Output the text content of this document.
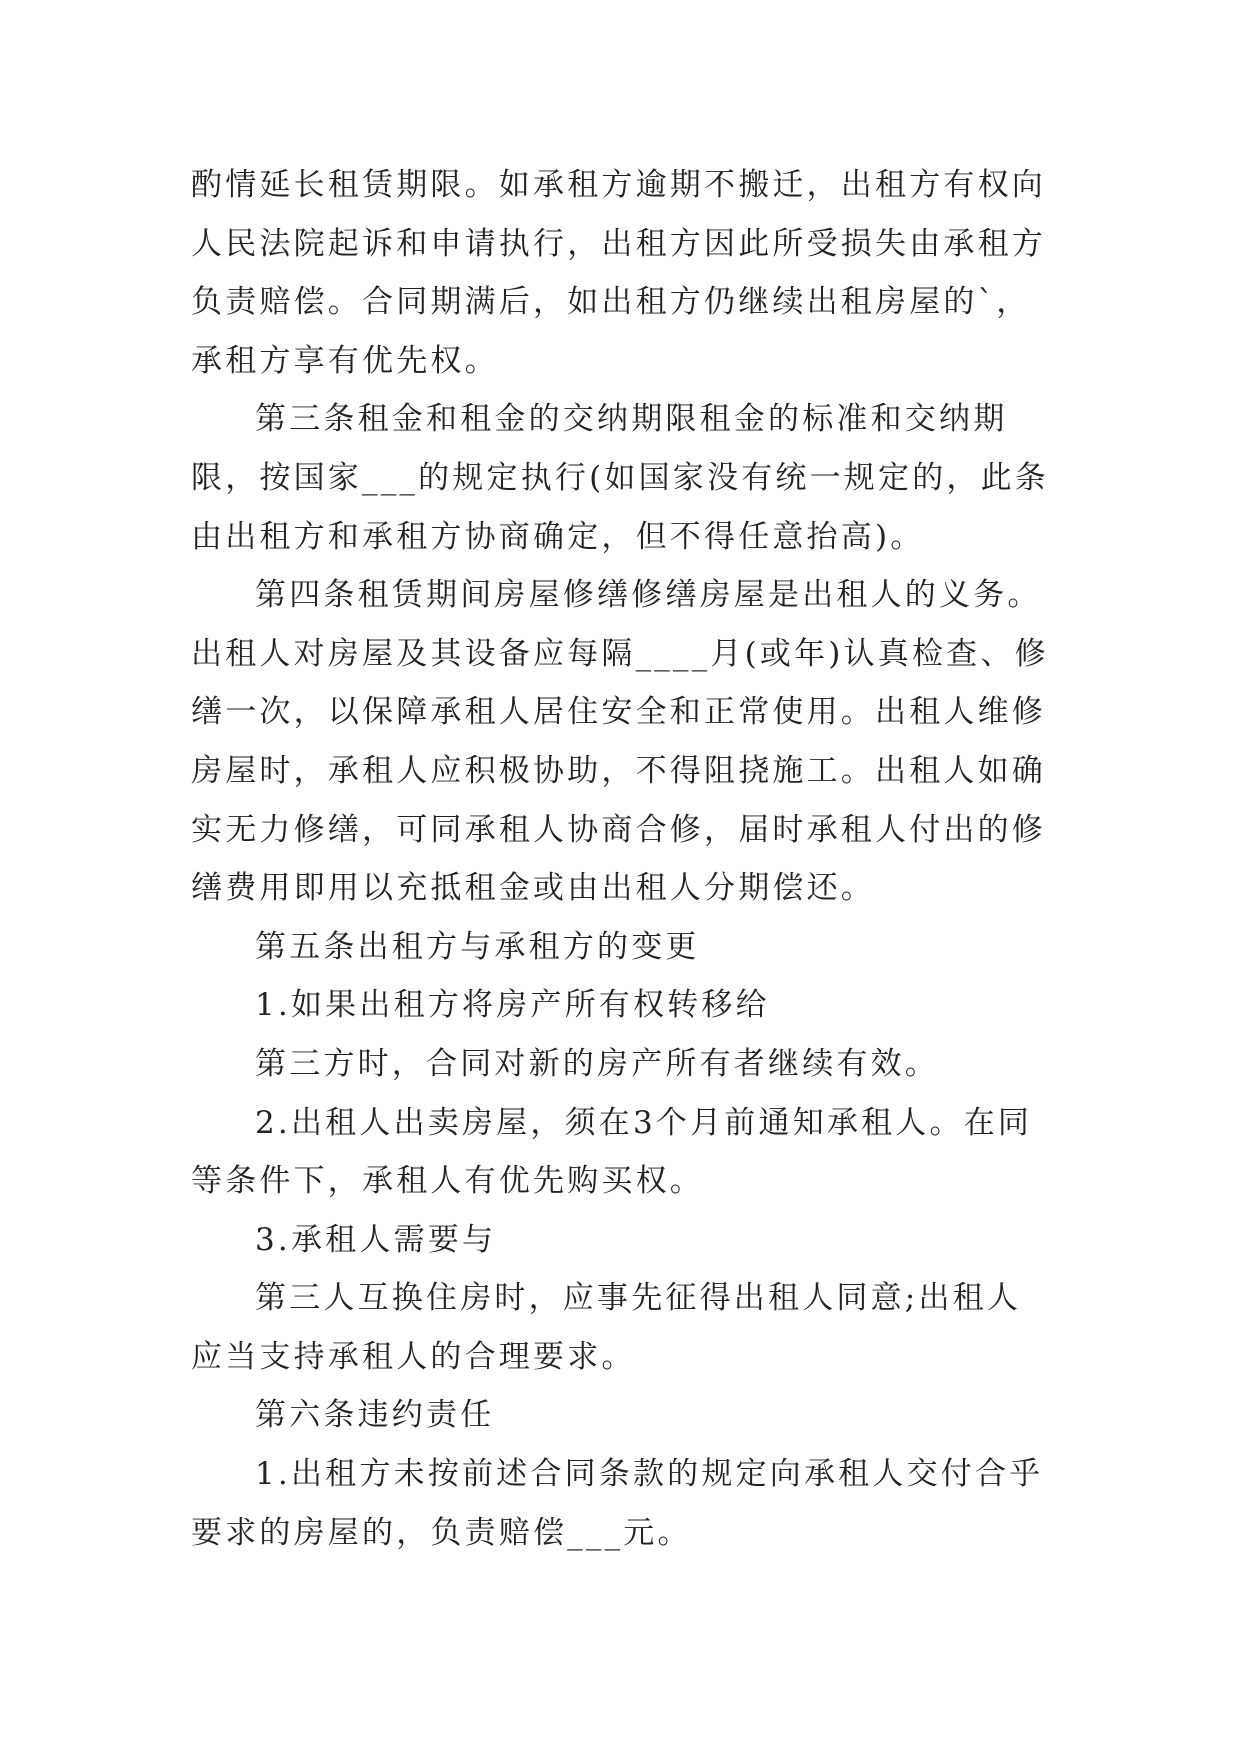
酌情延长租赁期限。如承租方逾期不搬迁，出租方有权向人民法院起诉和申请执行，出租方因此所受损失由承租方负责赔偿。合同期满后，如出租方仍继续出租房屋的`，承租方享有优先权。

第三条租金和租金的交纳期限租金的标准和交纳期限，按国家___的规定执行(如国家没有统一规定的，此条由出租方和承租方协商确定，但不得任意抬高)。

第四条租赁期间房屋修缮修缮房屋是出租人的义务。出租人对房屋及其设备应每隔____月(或年)认真检查、修缮一次，以保障承租人居住安全和正常使用。出租人维修房屋时，承租人应积极协助，不得阻挠施工。出租人如确实无力修缮，可同承租人协商合修，届时承租人付出的修缮费用即用以充抵租金或由出租人分期偿还。

第五条出租方与承租方的变更

1.如果出租方将房产所有权转移给

第三方时，合同对新的房产所有者继续有效。

2.出租人出卖房屋，须在3个月前通知承租人。在同等条件下，承租人有优先购买权。

3.承租人需要与

第三人互换住房时，应事先征得出租人同意;出租人应当支持承租人的合理要求。

第六条违约责任

1.出租方未按前述合同条款的规定向承租人交付合乎要求的房屋的，负责赔偿___元。
